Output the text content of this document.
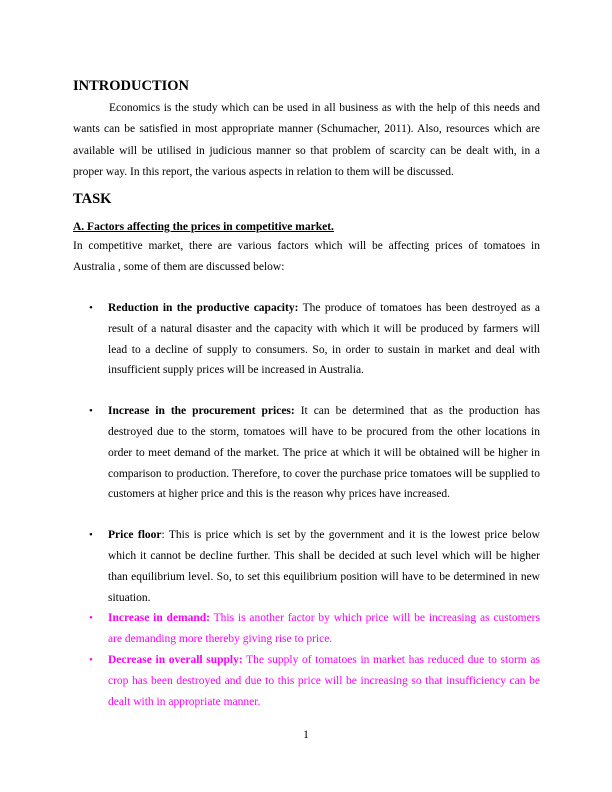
INTRODUCTION

Economics is the study which can be used in all business as with the help of this needs and wants can be satisfied in most appropriate manner (Schumacher, 2011). Also, resources which are available will be utilised in judicious manner so that problem of scarcity can be dealt with, in a proper way. In this report, the various aspects in relation to them will be discussed.

TASK

A. Factors affecting the prices in competitive market.

In competitive market, there are various factors which will be affecting prices of tomatoes in Australia , some of them are discussed below:

• Reduction in the productive capacity: The produce of tomatoes has been destroyed as a result of a natural disaster and the capacity with which it will be produced by farmers will lead to a decline of supply to consumers. So, in order to sustain in market and deal with insufficient supply prices will be increased in Australia.
• Increase in the procurement prices: It can be determined that as the production has destroyed due to the storm, tomatoes will have to be procured from the other locations in order to meet demand of the market. The price at which it will be obtained will be higher in comparison to production. Therefore, to cover the purchase price tomatoes will be supplied to customers at higher price and this is the reason why prices have increased.
• Price floor: This is price which is set by the government and it is the lowest price below which it cannot be decline further. This shall be decided at such level which will be higher than equilibrium level. So, to set this equilibrium position will have to be determined in new situation.
• Increase in demand: This is another factor by which price will be increasing as customers are demanding more thereby giving rise to price.
• Decrease in overall supply: The supply of tomatoes in market has reduced due to storm as crop has been destroyed and due to this price will be increasing so that insufficiency can be dealt with in appropriate manner.

1
